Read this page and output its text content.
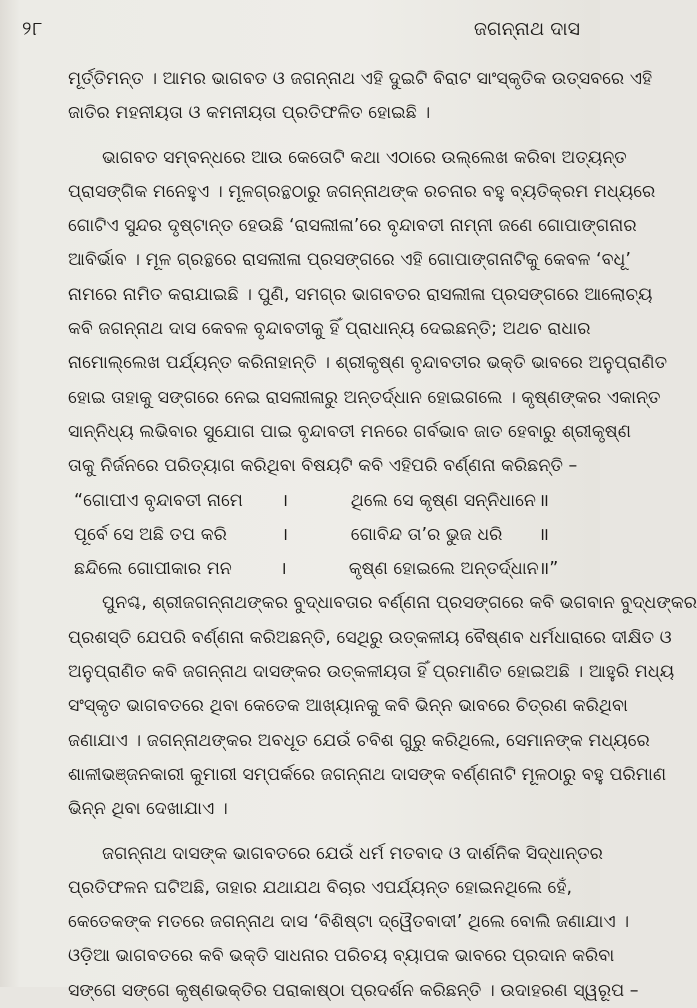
୨୮	ଜଗନ୍ନାଥ ଦାସ
ମୂର୍ତ୍ତିମନ୍ତ । ଆମର ଭାଗବତ ଓ ଜଗନ୍ନାଥ ଏହି ଦୁଇଟି ବିରାଟ ସାଂସ୍କୃତିକ ଉତ୍ସବରେ ଏହି
ଜାତିର ମହନୀୟତା ଓ କମନୀୟତା ପ୍ରତିଫଳିତ ହୋଇଛି ।
ଭାଗବତ ସମ୍ବନ୍ଧରେ ଆଉ କେତୋଟି କଥା ଏଠାରେ ଉଲ୍ଲେଖ କରିବା ଅତ୍ୟନ୍ତ
ପ୍ରାସଙ୍ଗିକ ମନେହୁଏ । ମୂଳଗ୍ରନ୍ଥଠାରୁ ଜଗନ୍ନାଥଙ୍କ ରଚନାର ବହୁ ବ୍ୟତିକ୍ରମ ମଧ୍ୟରେ
ଗୋଟିଏ ସୁନ୍ଦର ଦୃଷ୍ଟାନ୍ତ ହେଉଛି ‘ରାସଲୀଳା’ରେ ବୃନ୍ଦାବତୀ ନାମ୍ନୀ ଜଣେ ଗୋପାଙ୍ଗନାର
ଆବିର୍ଭାବ । ମୂଳ ଗ୍ରନ୍ଥରେ ରାସଲୀଳା ପ୍ରସଙ୍ଗରେ ଏହି ଗୋପାଙ୍ଗନାଟିକୁ କେବଳ ‘ବଧୂ’
ନାମରେ ନାମିତ କରାଯାଇଛି । ପୁଣି, ସମଗ୍ର ଭାଗବତର ରାସଲୀଳା ପ୍ରସଙ୍ଗରେ ଆଲୋଚ୍ୟ
କବି ଜଗନ୍ନାଥ ଦାସ କେବଳ ବୃନ୍ଦାବତୀକୁ ହିଁ ପ୍ରାଧାନ୍ୟ ଦେଇଛନ୍ତି; ଅଥଚ ରାଧାର
ନାମୋଲ୍ଲେଖ ପର୍ଯ୍ୟନ୍ତ କରିନାହାନ୍ତି । ଶ୍ରୀକୃଷ୍ଣ ବୃନ୍ଦାବତୀର ଭକ୍ତି ଭାବରେ ଅନୁପ୍ରାଣିତ
ହୋଇ ତାହାକୁ ସଙ୍ଗରେ ନେଇ ରାସଲୀଳାରୁ ଅନ୍ତର୍ଦ୍ଧାନ ହୋଇଗଲେ । କୃଷ୍ଣଙ୍କର ଏକାନ୍ତ
ସାନ୍ନିଧ୍ୟ ଲଭିବାର ସୁଯୋଗ ପାଇ ବୃନ୍ଦାବତୀ ମନରେ ଗର୍ବଭାବ ଜାତ ହେବାରୁ ଶ୍ରୀକୃଷ୍ଣ
ତାକୁ ନିର୍ଜନରେ ପରିତ୍ୟାଗ କରିଥିବା ବିଷୟଟି କବି ଏହିପରି ବର୍ଣ୍ଣନା କରିଛନ୍ତି –
“ଗୋପୀଏ ବୃନ୍ଦାବତୀ ନାମେ	।	ଥିଲେ ସେ କୃଷ୍ଣ ସନ୍ନିଧାନେ ॥
ପୂର୍ବେ ସେ ଅଛି ତପ କରି	।	ଗୋବିନ୍ଦ ତା’ର ଭୁଜ ଧରି	॥
ଛନ୍ଦିଲେ ଗୋପୀକାର ମନ	।	କୃଷ୍ଣ ହୋଇଲେ ଅନ୍ତର୍ଦ୍ଧାନ ॥”
ପୁନଶ୍ଚ, ଶ୍ରୀଜଗନ୍ନାଥଙ୍କର ବୁଦ୍ଧାବତାର ବର୍ଣ୍ଣନା ପ୍ରସଙ୍ଗରେ କବି ଭଗବାନ ବୁଦ୍ଧଙ୍କର
ପ୍ରଶସ୍ତି ଯେପରି ବର୍ଣ୍ଣନା କରିଅଛନ୍ତି, ସେଥିରୁ ଉତ୍କଳୀୟ ବୈଷ୍ଣବ ଧର୍ମଧାରାରେ ଦୀକ୍ଷିତ ଓ
ଅନୁପ୍ରାଣିତ କବି ଜଗନ୍ନାଥ ଦାସଙ୍କର ଉତ୍କଳୀୟତା ହିଁ ପ୍ରମାଣିତ ହୋଇଅଛି । ଆହୁରି ମଧ୍ୟ
ସଂସ୍କୃତ ଭାଗବତରେ ଥିବା କେତେକ ଆଖ୍ୟାନକୁ କବି ଭିନ୍ନ ଭାବରେ ଚିତ୍ରଣ କରିଥିବା
ଜଣାଯାଏ । ଜଗନ୍ନାଥଙ୍କର ଅବଧୂତ ଯେଉଁ ଚବିଶ ଗୁରୁ କରିଥିଲେ, ସେମାନଙ୍କ ମଧ୍ୟରେ
ଶାଳୀଭଞ୍ଜନକାରୀ କୁମାରୀ ସମ୍ପର୍କରେ ଜଗନ୍ନାଥ ଦାସଙ୍କ ବର୍ଣ୍ଣନାଟି ମୂଳଠାରୁ ବହୁ ପରିମାଣ
ଭିନ୍ନ ଥିବା ଦେଖାଯାଏ ।
ଜଗନ୍ନାଥ ଦାସଙ୍କ ଭାଗବତରେ ଯେଉଁ ଧର୍ମ ମତବାଦ ଓ ଦାର୍ଶନିକ ସିଦ୍ଧାନ୍ତର
ପ୍ରତିଫଳନ ଘଟିଅଛି, ତାହାର ଯଥାଯଥ ବିଚାର ଏପର୍ଯ୍ୟନ୍ତ ହୋଇନଥିଲେ ହେଁ,
କେତେକଙ୍କ ମତରେ ଜଗନ୍ନାଥ ଦାସ ‘ବିଶିଷ୍ଟା ଦ୍ୱୈତବାଦୀ’ ଥିଲେ ବୋଲି ଜଣାଯାଏ ।
ଓଡ଼ିଆ ଭାଗବତରେ କବି ଭକ୍ତି ସାଧନାର ପରିଚୟ ବ୍ୟାପକ ଭାବରେ ପ୍ରଦାନ କରିବା
ସଙ୍ଗେ ସଙ୍ଗେ କୃଷ୍ଣଭକ୍ତିର ପରାକାଷ୍ଠା ପ୍ରଦର୍ଶନ କରିଛନ୍ତି । ଉଦାହରଣ ସ୍ୱରୂପ –
